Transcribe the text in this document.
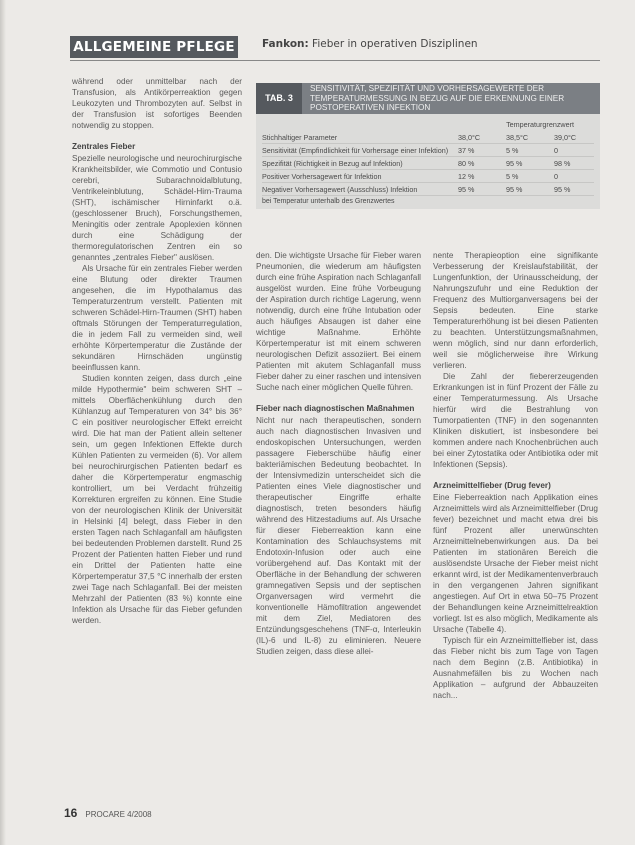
ALLGEMEINE PFLEGE	Fankon: Fieber in operativen Disziplinen

während oder unmittelbar nach der Transfusion, als Antikörperreaktion gegen Leukozyten und Thrombozyten auf. Selbst in der Transfusion ist sofortiges Beenden notwendig zu stoppen.

Zentrales Fieber

Spezielle neurologische und neurochirurgische Krankheitsbilder, wie Commotio und Contusio cerebri, Subarachnoidalblutung, Ventrikeleinblutung, Schädel-Hirn-Trauma (SHT), ischämischer Hirninfarkt o.ä. (geschlossener Bruch), Forschungsthemen, Meningitis oder zentrale Apoplexien können durch eine Schädigung der thermoregulatorischen Zentren ein so genanntes „zentrales Fieber" auslösen.

Als Ursache für ein zentrales Fieber werden eine Blutung oder direkter Traumen angesehen, die im Hypothalamus das Temperaturzentrum verstellt. Patienten mit schweren Schädel-Hirn-Traumen (SHT) haben oftmals Störungen der Temperaturregulation, die in jedem Fall zu vermeiden sind, weil erhöhte Körpertemperatur die Zustände der sekundären Hirnschäden ungünstig beeinflussen kann.

Studien konnten zeigen, dass durch „eine milde Hypothermie" beim schweren SHT – mittels Oberflächenkühlung durch den Kühlanzug auf Temperaturen von 34° bis 36° C ein positiver neurologischer Effekt erreicht wird. Die hat man der Patient allein seltener sein, um gegen Infektionen Effekte durch Kühlen Patienten zu vermeiden (6). Vor allem bei neurochirurgischen Patienten bedarf es daher die Körpertemperatur engmaschig kontrolliert, um bei Verdacht frühzeitig Korrekturen ergreifen zu können. Eine Studie von der neurologischen Klinik der Universität in Helsinki [4] belegt, dass Fieber in den ersten Tagen nach Schlaganfall am häufigsten bei bedeutenden Problemen darstellt. Rund 25 Prozent der Patienten hatten Fieber und rund ein Drittel der Patienten hatte eine Körpertemperatur 37,5 °C innerhalb der ersten zwei Tage nach Schlaganfall. Bei der meisten Mehrzahl der Patienten (83 %) konnte eine Infektion als Ursache für das Fieber gefunden werden.

TAB. 3
SENSITIVITÄT, SPEZIFITÄT UND VORHERSAGEWERTE DER TEMPERATURMESSUNG IN BEZUG AUF DIE ERKENNUNG EINER POSTOPERATIVEN INFEKTION
Temperaturgrenzwert
Stichhaltiger Parameter	38,0°C	38,5°C	39,0°C
Sensitivität (Empfindlichkeit für Vorhersage einer Infektion)	37 %	5 %	0
Spezifität (Richtigkeit in Bezug auf Infektion)	80 %	95 %	98 %
Positiver Vorhersagewert für Infektion	12 %	5 %	0
Negativer Vorhersagewert (Ausschluss) Infektion	95 %	95 %	95 %
bei Temperatur unterhalb des Grenzwertes

den. Die wichtigste Ursache für Fieber waren Pneumonien, die wiederum am häufigsten durch eine frühe Aspiration nach Schlaganfall ausgelöst wurden. Eine frühe Vorbeugung der Aspiration durch richtige Lagerung, wenn notwendig, durch eine frühe Intubation oder auch häufiges Absaugen ist daher eine wichtige Maßnahme. Erhöhte Körpertemperatur ist mit einem schweren neurologischen Defizit assoziiert. Bei einem Patienten mit akutem Schlaganfall muss Fieber daher zu einer raschen und intensiven Suche nach einer möglichen Quelle führen.

Fieber nach diagnostischen Maßnahmen

Nicht nur nach therapeutischen, sondern auch nach diagnostischen Invasiven und endoskopischen Untersuchungen, werden passagere Fieberschübe häufig einer bakteriämischen Bedeutung beobachtet. In der Intensivmedizin unterscheidet sich die Patienten eines Viele diagnostischer und therapeutischer Eingriffe erhalte diagnostisch, treten besonders häufig während des Hitzestadiums auf. Als Ursache für dieser Fieberreaktion kann eine Kontamination des Schlauchsystems mit Endotoxin-Infusion oder auch eine vorübergehend auf. Das Kontakt mit der Oberfläche in der Behandlung der schweren gramnegativen Sepsis und der septischen Organversagen wird vermehrt die konventionelle Hämofiltration angewendet mit dem Ziel, Mediatoren des Entzündungsgeschehens (TNF-α, Interleukin (IL)-6 und IL-8) zu eliminieren. Neuere Studien zeigen, dass diese allei-

nente Therapieoption eine signifikante Verbesserung der Kreislaufstabilität, der Lungenfunktion, der Urinausscheidung, der Nahrungszufuhr und eine Reduktion der Frequenz des Multiorganversagens bei der Sepsis bedeuten. Eine starke Temperaturerhöhung ist bei diesen Patienten zu beachten. Unterstützungsmaßnahmen, wenn möglich, sind nur dann erforderlich, weil sie möglicherweise ihre Wirkung verlieren.

Die Zahl der fiebererzeugenden Erkrankungen ist in fünf Prozent der Fälle zu einer Temperaturmessung. Als Ursache hierfür wird die Bestrahlung von Tumorpatienten (TNF) in den sogenannten Kliniken diskutiert, ist insbesondere bei kommen andere nach Knochenbrüchen auch bei einer Zytostatika oder Antibiotika oder mit Infektionen (Sepsis).

Arzneimittelfieber (Drug fever)

Eine Fieberreaktion nach Applikation eines Arzneimittels wird als Arzneimittelfieber (Drug fever) bezeichnet und macht etwa drei bis fünf Prozent aller unerwünschten Arzneimittelnebenwirkungen aus. Da bei Patienten im stationären Bereich die auslösendste Ursache der Fieber meist nicht erkannt wird, ist der Medikamentenverbrauch in den vergangenen Jahren signifikant angestiegen. Auf Ort in etwa 50–75 Prozent der Behandlungen keine Arzneimittelreaktion vorliegt. Ist es also möglich, Medikamente als Ursache (Tabelle 4).

Typisch für ein Arzneimittelfieber ist, dass das Fieber nicht bis zum Tage von Tagen nach dem Beginn (z.B. Antibiotika) in Ausnahmefällen bis zu Wochen nach Applikation – aufgrund der Abbauzeiten nach...

16 PROCARE 4/2008
